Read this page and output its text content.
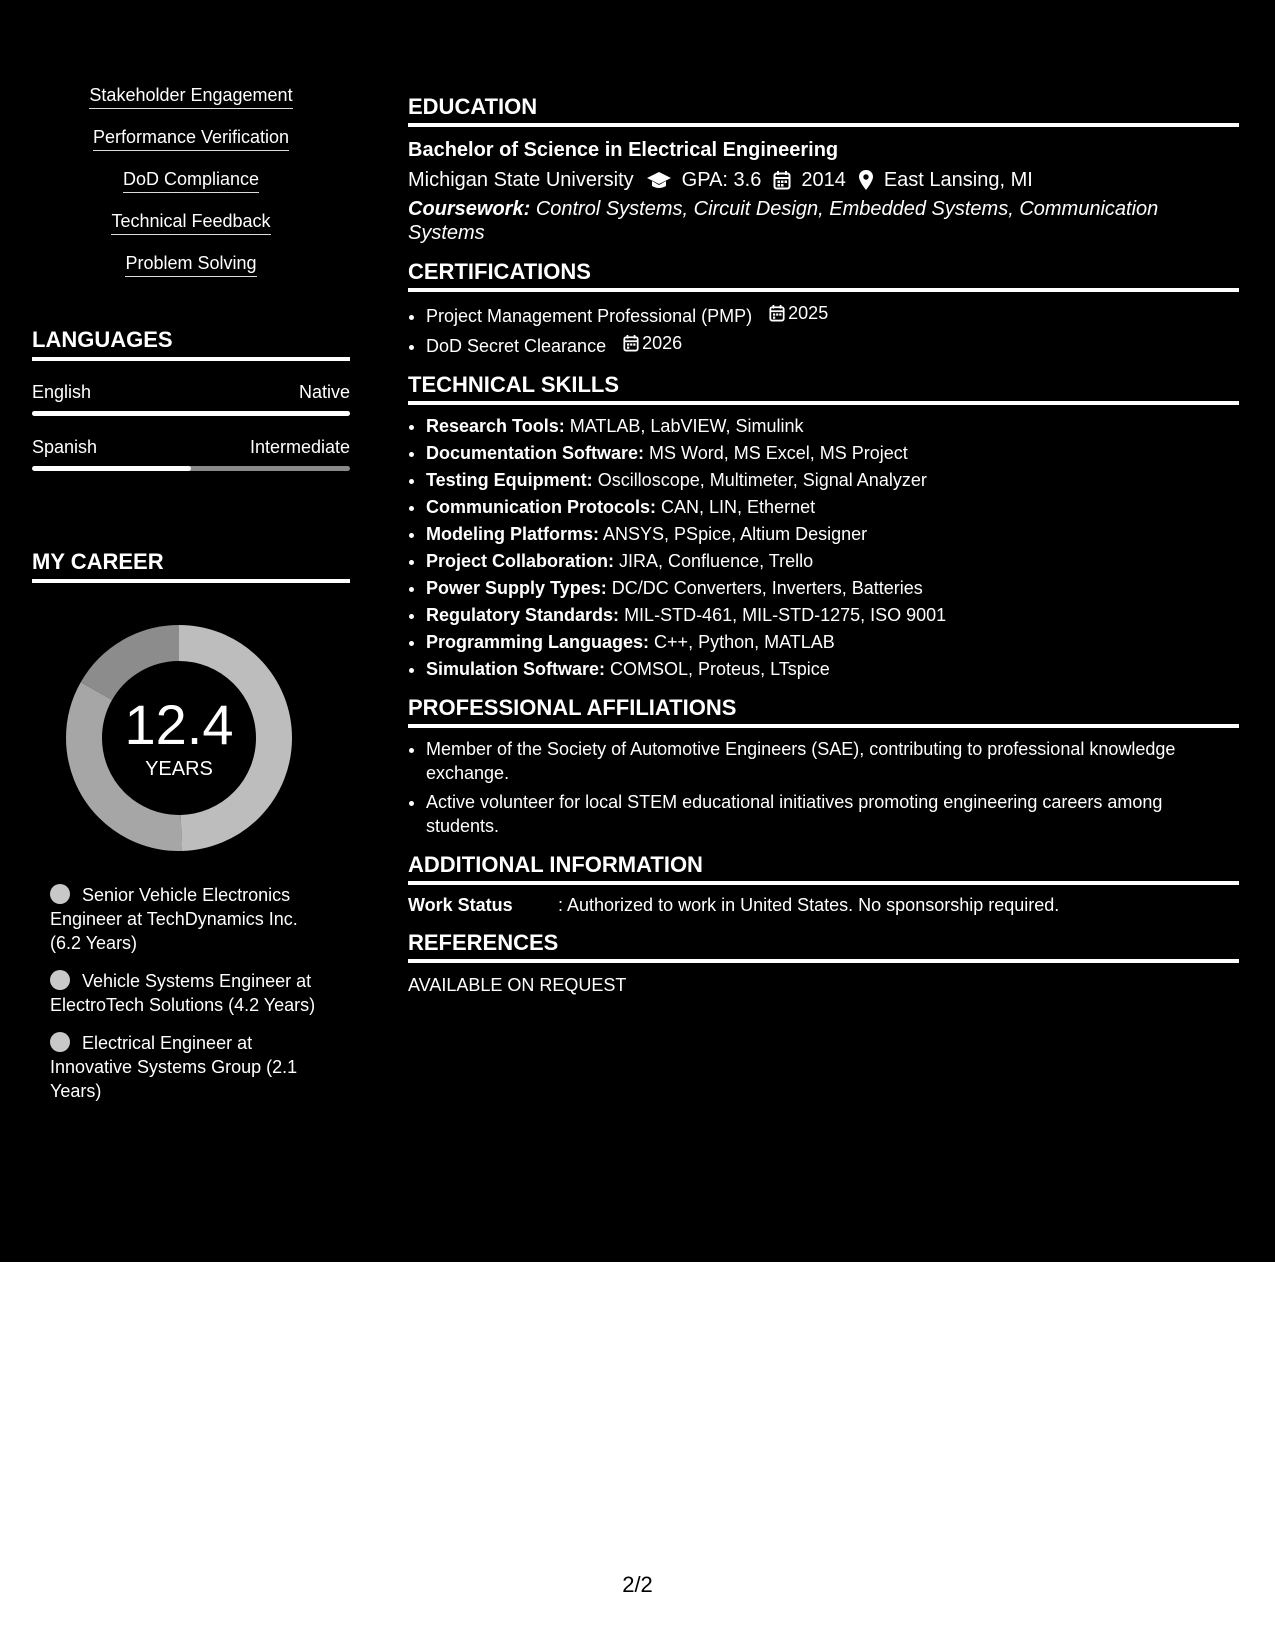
Stakeholder Engagement
Performance Verification
DoD Compliance
Technical Feedback
Problem Solving
LANGUAGES
English	Native
Spanish	Intermediate
MY CAREER
12.4
YEARS
Senior Vehicle Electronics Engineer at TechDynamics Inc. (6.2 Years)
Vehicle Systems Engineer at ElectroTech Solutions (4.2 Years)
Electrical Engineer at Innovative Systems Group (2.1 Years)
EDUCATION
Bachelor of Science in Electrical Engineering
Michigan State University GPA: 3.6 2014 East Lansing, MI
Coursework: Control Systems, Circuit Design, Embedded Systems, Communication Systems
CERTIFICATIONS
• Project Management Professional (PMP) 2025
• DoD Secret Clearance 2026
TECHNICAL SKILLS
• Research Tools: MATLAB, LabVIEW, Simulink
• Documentation Software: MS Word, MS Excel, MS Project
• Testing Equipment: Oscilloscope, Multimeter, Signal Analyzer
• Communication Protocols: CAN, LIN, Ethernet
• Modeling Platforms: ANSYS, PSpice, Altium Designer
• Project Collaboration: JIRA, Confluence, Trello
• Power Supply Types: DC/DC Converters, Inverters, Batteries
• Regulatory Standards: MIL-STD-461, MIL-STD-1275, ISO 9001
• Programming Languages: C++, Python, MATLAB
• Simulation Software: COMSOL, Proteus, LTspice
PROFESSIONAL AFFILIATIONS
• Member of the Society of Automotive Engineers (SAE), contributing to professional knowledge exchange.
• Active volunteer for local STEM educational initiatives promoting engineering careers among students.
ADDITIONAL INFORMATION
Work Status	: Authorized to work in United States. No sponsorship required.
REFERENCES
AVAILABLE ON REQUEST
2/2
